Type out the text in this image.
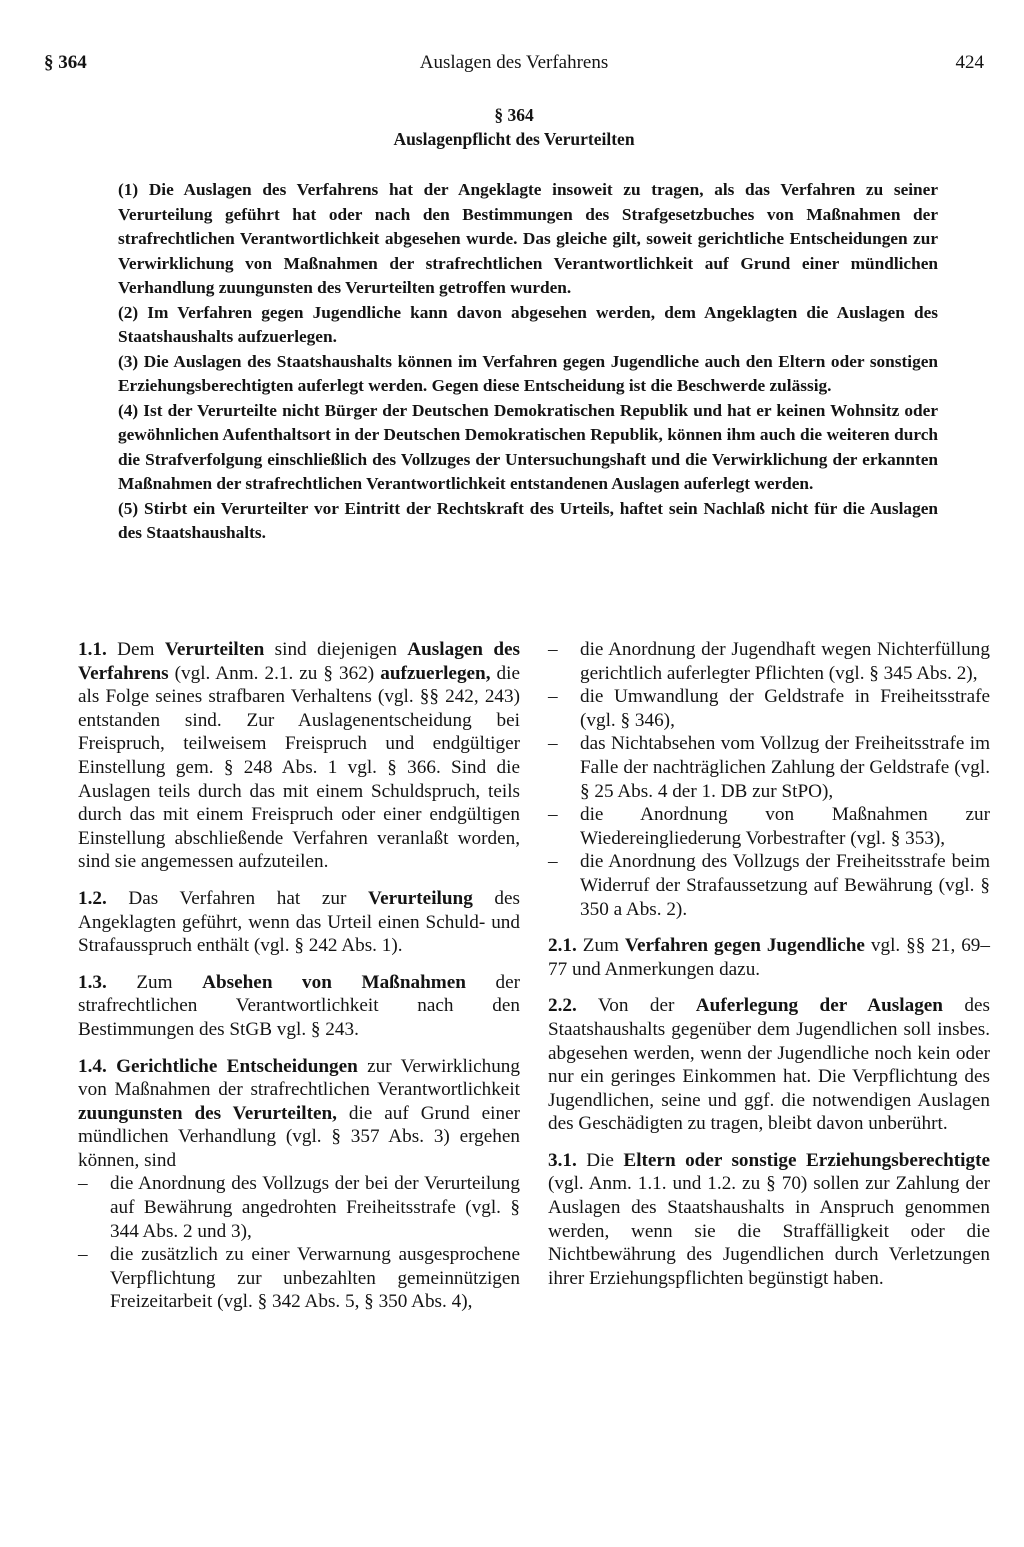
§ 364	Auslagen des Verfahrens	424
§ 364
Auslagenpflicht des Verurteilten

(1) Die Auslagen des Verfahrens hat der Angeklagte insoweit zu tragen, als das Verfahren zu seiner Verurteilung geführt hat oder nach den Bestimmungen des Strafgesetzbuches von Maßnahmen der strafrechtlichen Verantwortlichkeit abgesehen wurde. Das gleiche gilt, soweit gerichtliche Entscheidungen zur Verwirklichung von Maßnahmen der strafrechtlichen Verantwortlichkeit auf Grund einer mündlichen Verhandlung zuungunsten des Verurteilten getroffen wurden.

(2) Im Verfahren gegen Jugendliche kann davon abgesehen werden, dem Angeklagten die Auslagen des Staatshaushalts aufzuerlegen.

(3) Die Auslagen des Staatshaushalts können im Verfahren gegen Jugendliche auch den Eltern oder sonstigen Erziehungsberechtigten auferlegt werden. Gegen diese Entscheidung ist die Beschwerde zulässig.

(4) Ist der Verurteilte nicht Bürger der Deutschen Demokratischen Republik und hat er keinen Wohnsitz oder gewöhnlichen Aufenthaltsort in der Deutschen Demokratischen Republik, können ihm auch die weiteren durch die Strafverfolgung einschließlich des Vollzuges der Untersuchungshaft und die Verwirklichung der erkannten Maßnahmen der strafrechtlichen Verantwortlichkeit entstandenen Auslagen auferlegt werden.

(5) Stirbt ein Verurteilter vor Eintritt der Rechtskraft des Urteils, haftet sein Nachlaß nicht für die Auslagen des Staatshaushalts.

1.1. Dem Verurteilten sind diejenigen Auslagen des Verfahrens (vgl. Anm. 2.1. zu § 362) aufzuerlegen, die als Folge seines strafbaren Verhaltens (vgl. §§ 242, 243) entstanden sind. Zur Auslagenentscheidung bei Freispruch, teilweisem Freispruch und endgültiger Einstellung gem. § 248 Abs. 1 vgl. § 366. Sind die Auslagen teils durch das mit einem Schuldspruch, teils durch das mit einem Freispruch oder einer endgültigen Einstellung abschließende Verfahren veranlaßt worden, sind sie angemessen aufzuteilen.

1.2. Das Verfahren hat zur Verurteilung des Angeklagten geführt, wenn das Urteil einen Schuld- und Strafausspruch enthält (vgl. § 242 Abs. 1).

1.3. Zum Absehen von Maßnahmen der strafrechtlichen Verantwortlichkeit nach den Bestimmungen des StGB vgl. § 243.

1.4. Gerichtliche Entscheidungen zur Verwirklichung von Maßnahmen der strafrechtlichen Verantwortlichkeit zuungunsten des Verurteilten, die auf Grund einer mündlichen Verhandlung (vgl. § 357 Abs. 3) ergehen können, sind

– die Anordnung des Vollzugs der bei der Verurteilung auf Bewährung angedrohten Freiheitsstrafe (vgl. § 344 Abs. 2 und 3),
– die zusätzlich zu einer Verwarnung ausgesprochene Verpflichtung zur unbezahlten gemeinnützigen Freizeitarbeit (vgl. § 342 Abs. 5, § 350 Abs. 4),
– die Anordnung der Jugendhaft wegen Nichterfüllung gerichtlich auferlegter Pflichten (vgl. § 345 Abs. 2),
– die Umwandlung der Geldstrafe in Freiheitsstrafe (vgl. § 346),
– das Nichtabsehen vom Vollzug der Freiheitsstrafe im Falle der nachträglichen Zahlung der Geldstrafe (vgl. § 25 Abs. 4 der 1. DB zur StPO),
– die Anordnung von Maßnahmen zur Wiedereingliederung Vorbestrafter (vgl. § 353),
– die Anordnung des Vollzugs der Freiheitsstrafe beim Widerruf der Strafaussetzung auf Bewährung (vgl. § 350 a Abs. 2).

2.1. Zum Verfahren gegen Jugendliche vgl. §§ 21, 69–77 und Anmerkungen dazu.

2.2. Von der Auferlegung der Auslagen des Staatshaushalts gegenüber dem Jugendlichen soll insbes. abgesehen werden, wenn der Jugendliche noch kein oder nur ein geringes Einkommen hat. Die Verpflichtung des Jugendlichen, seine und ggf. die notwendigen Auslagen des Geschädigten zu tragen, bleibt davon unberührt.

3.1. Die Eltern oder sonstige Erziehungsberechtigte (vgl. Anm. 1.1. und 1.2. zu § 70) sollen zur Zahlung der Auslagen des Staatshaushalts in Anspruch genommen werden, wenn sie die Straffälligkeit oder die Nichtbewährung des Jugendlichen durch Verletzungen ihrer Erziehungspflichten begünstigt haben.
